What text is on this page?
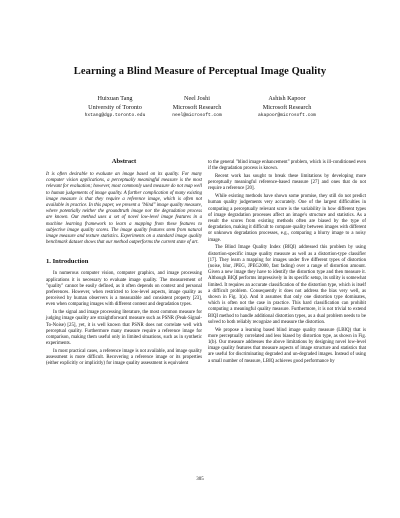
Learning a Blind Measure of Perceptual Image Quality
Huixuan Tang
University of Toronto
hxtang@dgp.toronto.edu
Neel Joshi
Microsoft Research
neel@microsoft.com
Ashish Kapoor
Microsoft Research
akapoor@microsoft.com
Abstract

It is often desirable to evaluate an image based on its quality. For many computer vision applications, a perceptually meaningful measure is the most relevant for evaluation; however, most commonly used measure do not map well to human judgements of image quality. A further complication of many existing image measure is that they require a reference image, which is often not available in practice. In this paper, we present a "blind" image quality measure, where potentially neither the groundtruth image nor the degradation process are known. Our method uses a set of novel low-level image features in a machine learning framework to learn a mapping from these features to subjective image quality scores. The image quality features stem from natural image measure and texture statistics. Experiments on a standard image quality benchmark dataset shows that our method outperforms the current state of art.

1. Introduction

In numerous computer vision, computer graphics, and image processing applications it is necessary to evaluate image quality. The measurement of "quality" cannot be easily defined, as it often depends on context and personal preferences. However, when restricted to low-level aspects, image quality as perceived by human observers is a measurable and consistent property [23], even when comparing images with different content and degradation types.

In the signal and image processing literature, the most common measure for judging image quality are straightforward measure such as PSNR (Peak-Signal-To-Noise) [25], yet, it is well known that PSNR does not correlate well with perceptual quality. Furthermore many measure require a reference image for comparison, making them useful only in limited situations, such as in synthetic experiments.

In most practical cases, a reference image is not available, and image quality assessment is more difficult. Recovering a reference image or its properties (either explicitly or implicitly) for image quality assessment is equivalent

to the general "blind image enhancement" problem, which is ill-conditioned even if the degradation process is known.

Recent work has sought to break these limitations by developing more perceptually meaningful reference-based measure [27] and ones that do not require a reference [20].

While existing methods have shown some promise, they still do not predict human quality judgements very accurately. One of the largest difficulties in computing a perceptually relevant score is the variability in how different types of image degradation processes affect an image's structure and statistics. As a result the scores from existing methods often are biased by the type of degradation, making it difficult to compare quality between images with different or unknown degradation processes, e.g., comparing a blurry image to a noisy image.

The Blind Image Quality Index (BIQI) addressed this problem by using distortion-specific image quality measure as well as a distortion-type classifier [17]. They learn a mapping for images under five different types of distortion (noise, blur, JPEG, JPEG2000, fast fading) over a range of distortion amount. Given a new image they have to identify the distortion type and then measure it. Although BIQI performs impressively in its specific setup, its utility is somewhat limited. It requires an accurate classification of the distortion type, which is itself a difficult problem. Consequently it does not address the bias very well, as shown in Fig. 1(a). And it assumes that only one distortion type dominates, which is often not the case in practice. This hard classification can prohibit computing a meaningful quality measure. Furthermore, it is not trivial to extend BIQI method to handle additional distortion types, as a dual problem needs to be solved to both reliably recognize and measure the distortion.

We propose a learning based blind image quality measure (LBIQ) that is more perceptually correlated and less biased by distortion type, as shown in Fig. 1(b). Our measure addresses the above limitations by designing novel low-level image quality features that measure aspects of image structure and statistics that are useful for discriminating degraded and un-degraded images. Instead of using a small number of measure, LBIQ achieves good performance by

305
